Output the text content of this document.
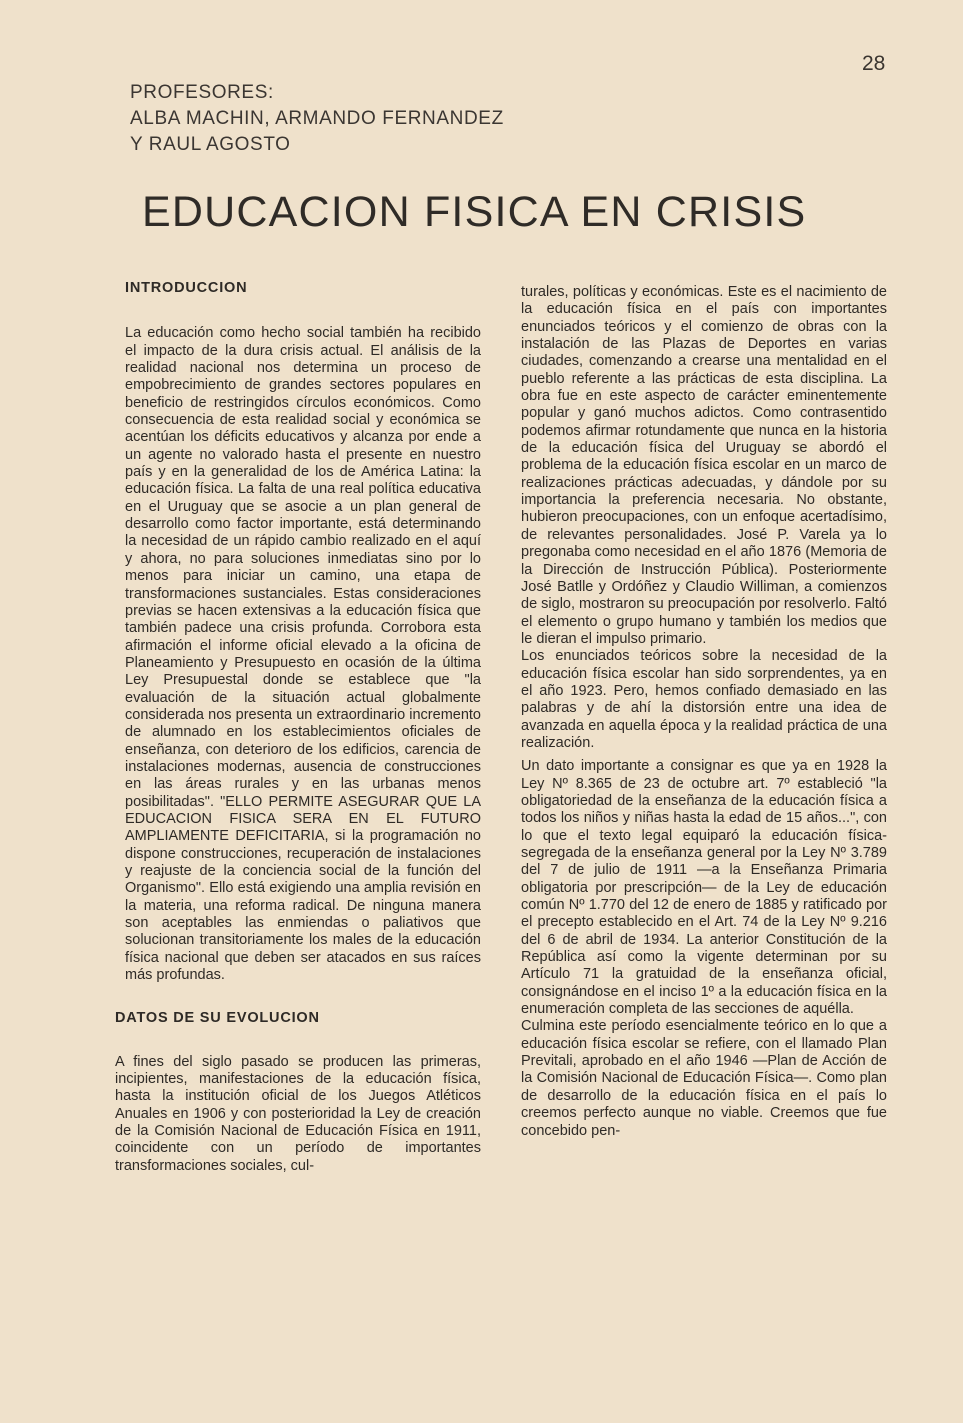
28
PROFESORES:
ALBA MACHIN, ARMANDO FERNANDEZ
Y RAUL AGOSTO
EDUCACION FISICA EN CRISIS
INTRODUCCION

La educación como hecho social también ha recibido el impacto de la dura crisis actual. El análisis de la realidad nacional nos determina un proceso de empobrecimiento de grandes sectores populares en beneficio de restringidos círculos económicos. Como consecuencia de esta realidad social y económica se acentúan los déficits educativos y alcanza por ende a un agente no valorado hasta el presente en nuestro país y en la generalidad de los de América Latina: la educación física. La falta de una real política educativa en el Uruguay que se asocie a un plan general de desarrollo como factor importante, está determinando la necesidad de un rápido cambio realizado en el aquí y ahora, no para soluciones inmediatas sino por lo menos para iniciar un camino, una etapa de transformaciones sustanciales. Estas consideraciones previas se hacen extensivas a la educación física que también padece una crisis profunda. Corrobora esta afirmación el informe oficial elevado a la oficina de Planeamiento y Presupuesto en ocasión de la última Ley Presupuestal donde se establece que "la evaluación de la situación actual globalmente considerada nos presenta un extraordinario incremento de alumnado en los establecimientos oficiales de enseñanza, con deterioro de los edificios, carencia de instalaciones modernas, ausencia de construcciones en las áreas rurales y en las urbanas menos posibilitadas". "ELLO PERMITE ASEGURAR QUE LA EDUCACION FISICA SERA EN EL FUTURO AMPLIAMENTE DEFICITARIA, si la programación no dispone construcciones, recuperación de instalaciones y reajuste de la conciencia social de la función del Organismo". Ello está exigiendo una amplia revisión en la materia, una reforma radical. De ninguna manera son aceptables las enmiendas o paliativos que solucionan transitoriamente los males de la educación física nacional que deben ser atacados en sus raíces más profundas.

DATOS DE SU EVOLUCION

A fines del siglo pasado se producen las primeras, incipientes, manifestaciones de la educación física, hasta la institución oficial de los Juegos Atléticos Anuales en 1906 y con posterioridad la Ley de creación de la Comisión Nacional de Educación Física en 1911, coincidente con un período de importantes transformaciones sociales, cul-

turales, políticas y económicas. Este es el nacimiento de la educación física en el país con importantes enunciados teóricos y el comienzo de obras con la instalación de las Plazas de Deportes en varias ciudades, comenzando a crearse una mentalidad en el pueblo referente a las prácticas de esta disciplina. La obra fue en este aspecto de carácter eminentemente popular y ganó muchos adictos. Como contrasentido podemos afirmar rotundamente que nunca en la historia de la educación física del Uruguay se abordó el problema de la educación física escolar en un marco de realizaciones prácticas adecuadas, y dándole por su importancia la preferencia necesaria. No obstante, hubieron preocupaciones, con un enfoque acertadísimo, de relevantes personalidades. José P. Varela ya lo pregonaba como necesidad en el año 1876 (Memoria de la Dirección de Instrucción Pública). Posteriormente José Batlle y Ordóñez y Claudio Williman, a comienzos de siglo, mostraron su preocupación por resolverlo. Faltó el elemento o grupo humano y también los medios que le dieran el impulso primario.

Los enunciados teóricos sobre la necesidad de la educación física escolar han sido sorprendentes, ya en el año 1923. Pero, hemos confiado demasiado en las palabras y de ahí la distorsión entre una idea de avanzada en aquella época y la realidad práctica de una realización.

Un dato importante a consignar es que ya en 1928 la Ley Nº 8.365 de 23 de octubre art. 7º estableció "la obligatoriedad de la enseñanza de la educación física a todos los niños y niñas hasta la edad de 15 años...", con lo que el texto legal equiparó la educación física-segregada de la enseñanza general por la Ley Nº 3.789 del 7 de julio de 1911 —a la Enseñanza Primaria obligatoria por prescripción— de la Ley de educación común Nº 1.770 del 12 de enero de 1885 y ratificado por el precepto establecido en el Art. 74 de la Ley Nº 9.216 del 6 de abril de 1934. La anterior Constitución de la República así como la vigente determinan por su Artículo 71 la gratuidad de la enseñanza oficial, consignándose en el inciso 1º a la educación física en la enumeración completa de las secciones de aquélla.

Culmina este período esencialmente teórico en lo que a educación física escolar se refiere, con el llamado Plan Previtali, aprobado en el año 1946 —Plan de Acción de la Comisión Nacional de Educación Física—. Como plan de desarrollo de la educación física en el país lo creemos perfecto aunque no viable. Creemos que fue concebido pen-
